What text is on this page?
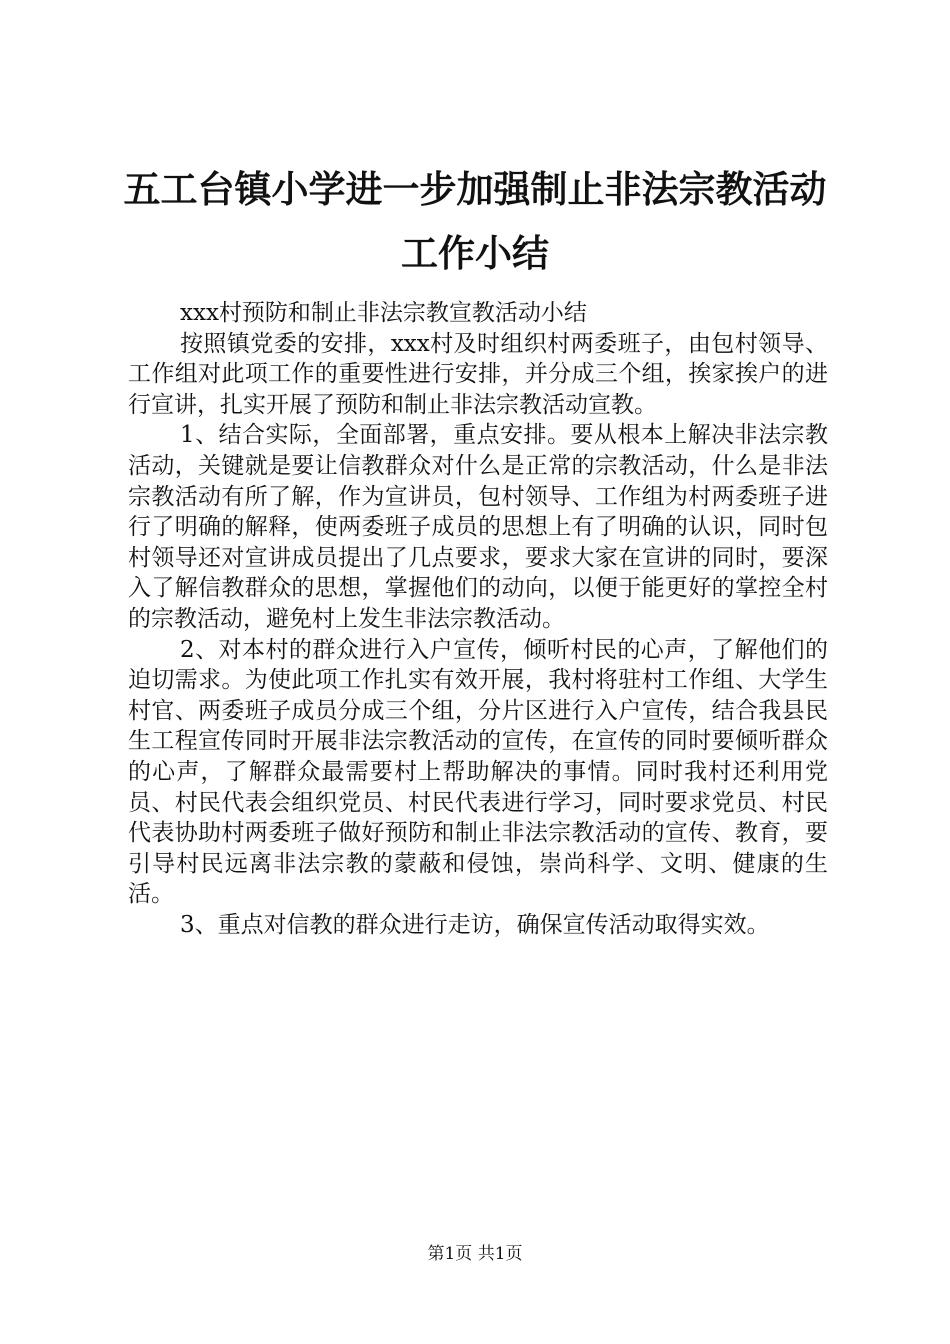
五工台镇小学进一步加强制止非法宗教活动工作小结

xxx村预防和制止非法宗教宣教活动小结

按照镇党委的安排，xxx村及时组织村两委班子，由包村领导、工作组对此项工作的重要性进行安排，并分成三个组，挨家挨户的进行宣讲，扎实开展了预防和制止非法宗教活动宣教。

1、结合实际，全面部署，重点安排。要从根本上解决非法宗教活动，关键就是要让信教群众对什么是正常的宗教活动，什么是非法宗教活动有所了解，作为宣讲员，包村领导、工作组为村两委班子进行了明确的解释，使两委班子成员的思想上有了明确的认识，同时包村领导还对宣讲成员提出了几点要求，要求大家在宣讲的同时，要深入了解信教群众的思想，掌握他们的动向，以便于能更好的掌控全村的宗教活动，避免村上发生非法宗教活动。

2、对本村的群众进行入户宣传，倾听村民的心声，了解他们的迫切需求。为使此项工作扎实有效开展，我村将驻村工作组、大学生村官、两委班子成员分成三个组，分片区进行入户宣传，结合我县民生工程宣传同时开展非法宗教活动的宣传，在宣传的同时要倾听群众的心声，了解群众最需要村上帮助解决的事情。同时我村还利用党员、村民代表会组织党员、村民代表进行学习，同时要求党员、村民代表协助村两委班子做好预防和制止非法宗教活动的宣传、教育，要引导村民远离非法宗教的蒙蔽和侵蚀，崇尚科学、文明、健康的生活。

3、重点对信教的群众进行走访，确保宣传活动取得实效。

第1页 共1页
